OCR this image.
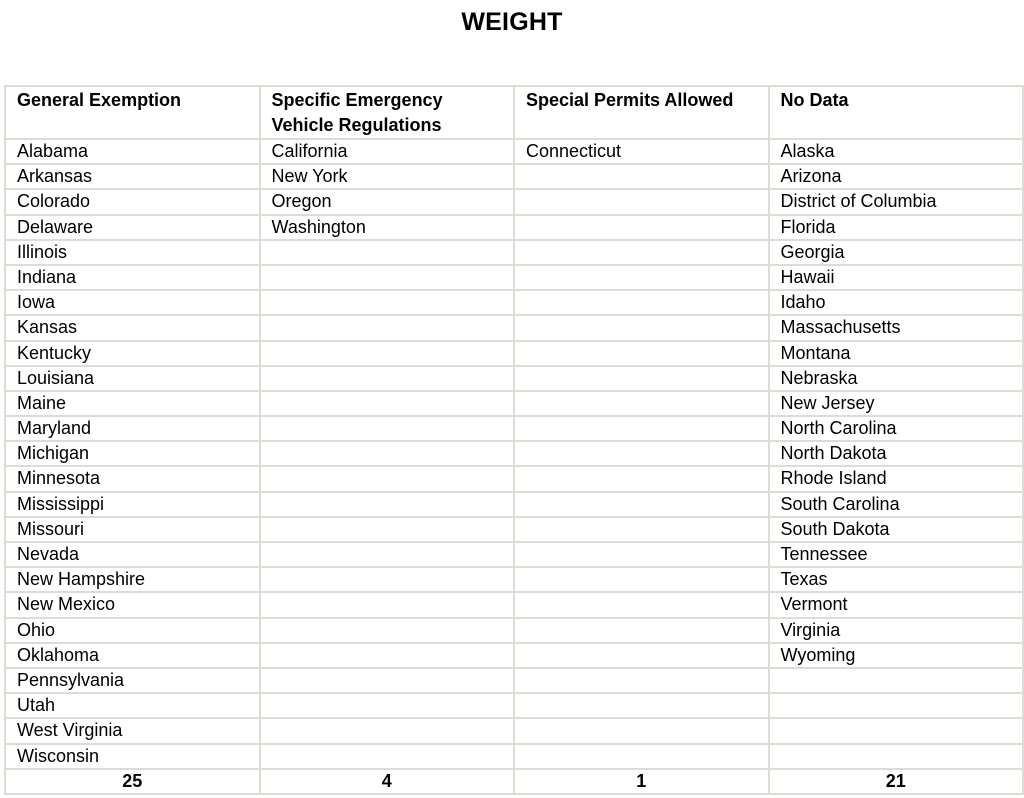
WEIGHT
General Exemption	Specific Emergency Vehicle Regulations	Special Permits Allowed	No Data
Alabama	California	Connecticut	Alaska
Arkansas	New York		Arizona
Colorado	Oregon		District of Columbia
Delaware	Washington		Florida
Illinois			Georgia
Indiana			Hawaii
Iowa			Idaho
Kansas			Massachusetts
Kentucky			Montana
Louisiana			Nebraska
Maine			New Jersey
Maryland			North Carolina
Michigan			North Dakota
Minnesota			Rhode Island
Mississippi			South Carolina
Missouri			South Dakota
Nevada			Tennessee
New Hampshire			Texas
New Mexico			Vermont
Ohio			Virginia
Oklahoma			Wyoming
Pennsylvania			
Utah			
West Virginia			
Wisconsin			
25	4	1	21
